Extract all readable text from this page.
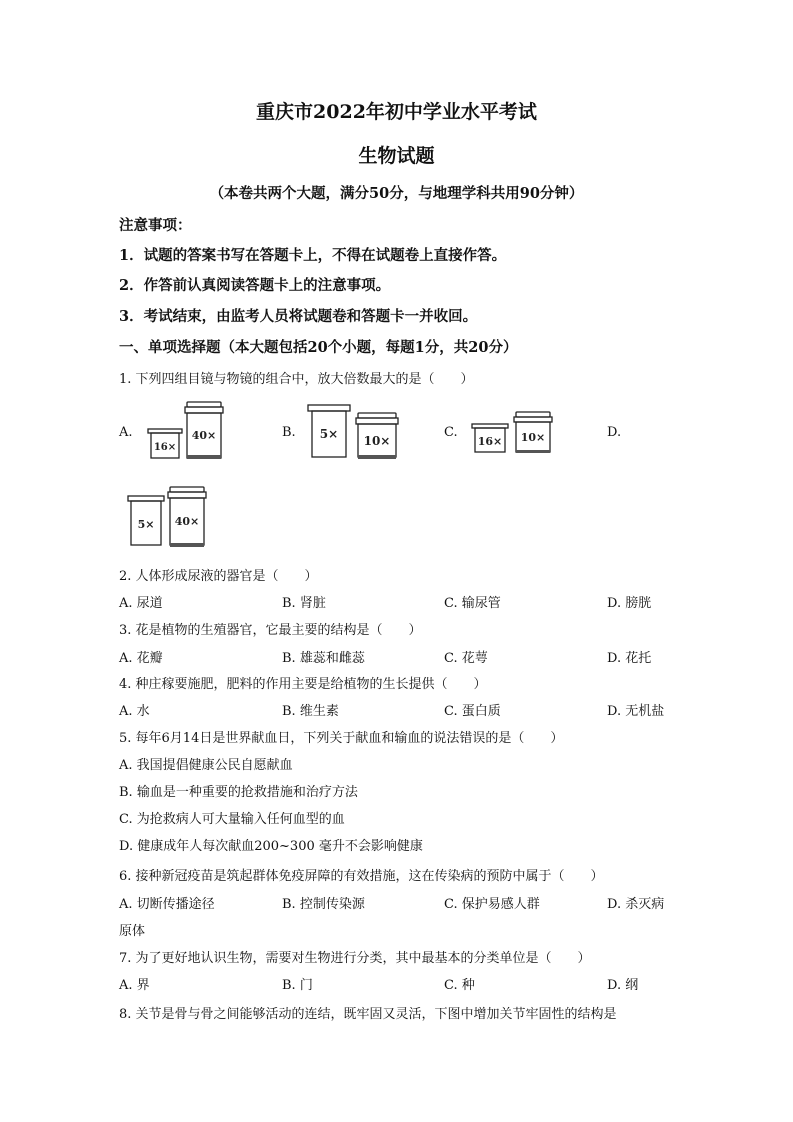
重庆市2022年初中学业水平考试
生物试题
（本卷共两个大题，满分50分，与地理学科共用90分钟）
注意事项：
1．试题的答案书写在答题卡上，不得在试题卷上直接作答。
2．作答前认真阅读答题卡上的注意事项。
3．考试结束，由监考人员将试题卷和答题卡一并收回。
一、单项选择题（本大题包括20个小题，每题1分，共20分）
1. 下列四组目镜与物镜的组合中，放大倍数最大的是（　　）
A.
16×
40×	B. 5× 10×
C.
16× 10×	D.
5× 40×
2. 人体形成尿液的器官是（　　）
A. 尿道	B. 肾脏	C. 输尿管	D. 膀胱
3. 花是植物的生殖器官，它最主要的结构是（　　）
A. 花瓣	B. 雄蕊和雌蕊	C. 花萼	D. 花托
4. 种庄稼要施肥，肥料的作用主要是给植物的生长提供（　　）
A. 水	B. 维生素	C. 蛋白质	D. 无机盐
5. 每年6月14日是世界献血日，下列关于献血和输血的说法错误的是（　　）
A. 我国提倡健康公民自愿献血
B. 输血是一种重要的抢救措施和治疗方法
C. 为抢救病人可大量输入任何血型的血
D. 健康成年人每次献血200~300 毫升不会影响健康
6. 接种新冠疫苗是筑起群体免疫屏障的有效措施，这在传染病的预防中属于（　　）
A. 切断传播途径	B. 控制传染源	C. 保护易感人群	D. 杀灭病
原体
7. 为了更好地认识生物，需要对生物进行分类，其中最基本的分类单位是（　　）
A. 界	B. 门	C. 种	D. 纲
8. 关节是骨与骨之间能够活动的连结，既牢固又灵活，下图中增加关节牢固性的结构是
